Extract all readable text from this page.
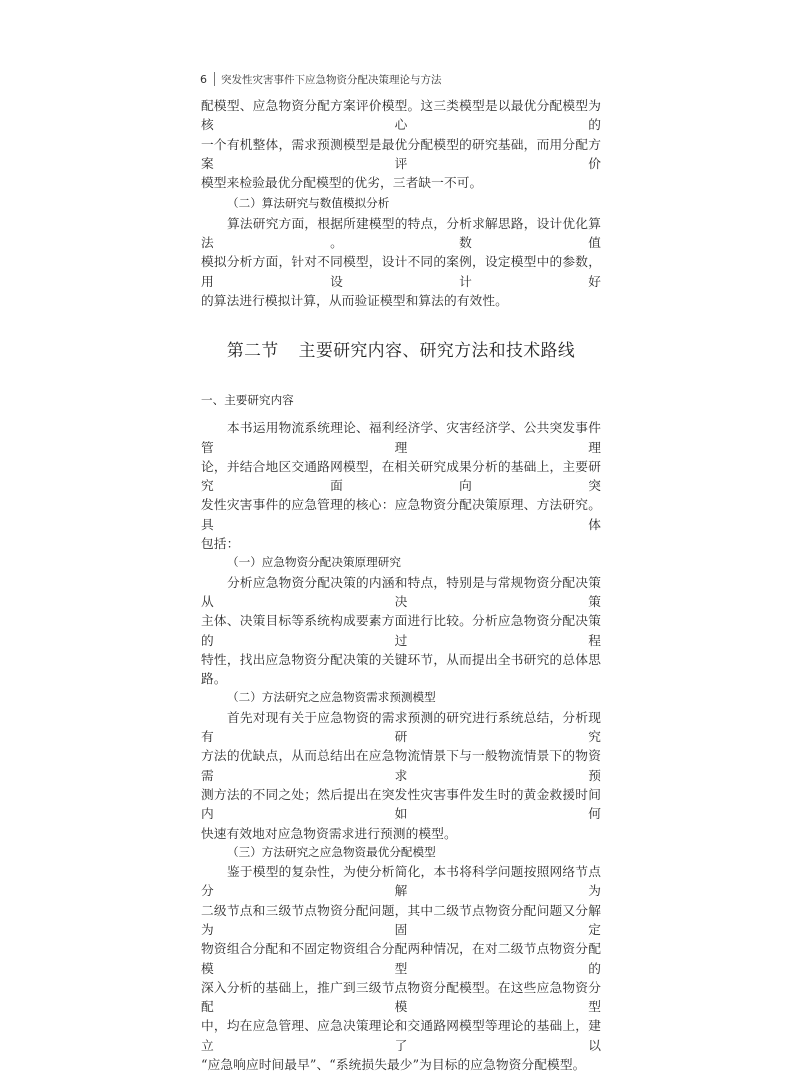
6 突发性灾害事件下应急物资分配决策理论与方法

配模型、应急物资分配方案评价模型。这三类模型是以最优分配模型为核心的

一个有机整体，需求预测模型是最优分配模型的研究基础，而用分配方案评价

模型来检验最优分配模型的优劣，三者缺一不可。

（二）算法研究与数值模拟分析

算法研究方面，根据所建模型的特点，分析求解思路，设计优化算法。数值

模拟分析方面，针对不同模型，设计不同的案例，设定模型中的参数，用设计好

的算法进行模拟计算，从而验证模型和算法的有效性。

第二节 主要研究内容、研究方法和技术路线
一、主要研究内容

本书运用物流系统理论、福利经济学、灾害经济学、公共突发事件管理理

论，并结合地区交通路网模型，在相关研究成果分析的基础上，主要研究面向突

发性灾害事件的应急管理的核心：应急物资分配决策原理、方法研究。具体

包括：

（一）应急物资分配决策原理研究

分析应急物资分配决策的内涵和特点，特别是与常规物资分配决策从决策

主体、决策目标等系统构成要素方面进行比较。分析应急物资分配决策的过程

特性，找出应急物资分配决策的关键环节，从而提出全书研究的总体思路。

（二）方法研究之应急物资需求预测模型

首先对现有关于应急物资的需求预测的研究进行系统总结，分析现有研究

方法的优缺点，从而总结出在应急物流情景下与一般物流情景下的物资需求预

测方法的不同之处；然后提出在突发性灾害事件发生时的黄金救援时间内如何

快速有效地对应急物资需求进行预测的模型。

（三）方法研究之应急物资最优分配模型

鉴于模型的复杂性，为使分析简化，本书将科学问题按照网络节点分解为

二级节点和三级节点物资分配问题，其中二级节点物资分配问题又分解为固定

物资组合分配和不固定物资组合分配两种情况，在对二级节点物资分配模型的

深入分析的基础上，推广到三级节点物资分配模型。在这些应急物资分配模型

中，均在应急管理、应急决策理论和交通路网模型等理论的基础上，建立了以

“应急响应时间最早”、“系统损失最少”为目标的应急物资分配模型。
